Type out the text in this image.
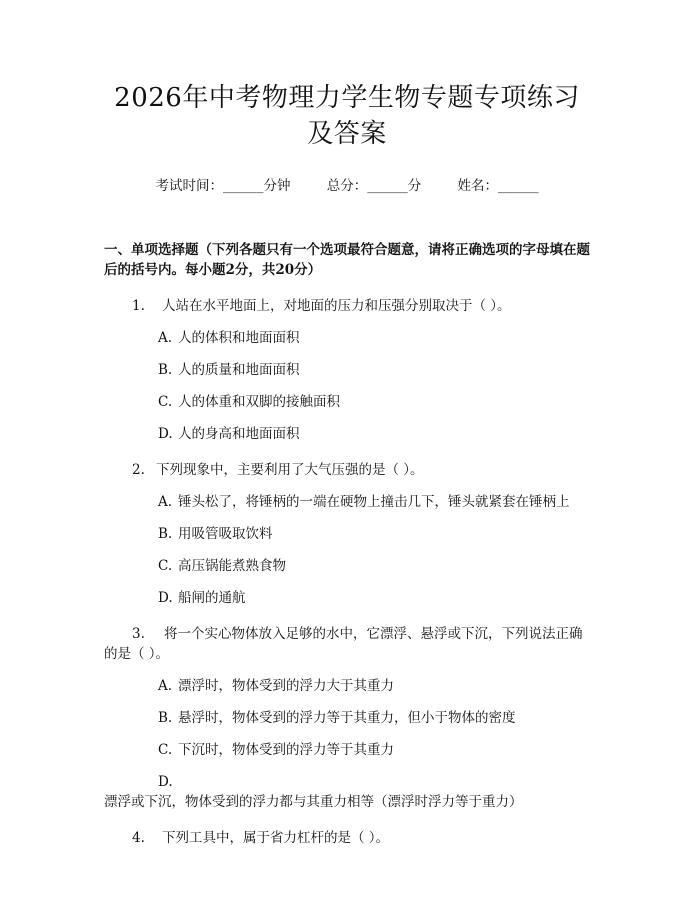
2026年中考物理力学生物专题专项练习及答案
考试时间：______分钟	总分：______分	姓名：______
一、单项选择题（下列各题只有一个选项最符合题意，请将正确选项的字母填在题后的括号内。每小题2分，共20分）
1. 人站在水平地面上，对地面的压力和压强分别取决于（ ）。
A. 人的体积和地面面积
B. 人的质量和地面面积
C. 人的体重和双脚的接触面积
D. 人的身高和地面面积
2. 下列现象中，主要利用了大气压强的是（ ）。
A. 锤头松了，将锤柄的一端在硬物上撞击几下，锤头就紧套在锤柄上
B. 用吸管吸取饮料
C. 高压锅能煮熟食物
D. 船闸的通航
3. 将一个实心物体放入足够的水中，它漂浮、悬浮或下沉，下列说法正确的是（ ）。
A. 漂浮时，物体受到的浮力大于其重力
B. 悬浮时，物体受到的浮力等于其重力，但小于物体的密度
C. 下沉时，物体受到的浮力等于其重力
D.漂浮或下沉，物体受到的浮力都与其重力相等（漂浮时浮力等于重力）
4. 下列工具中，属于省力杠杆的是（ ）。
